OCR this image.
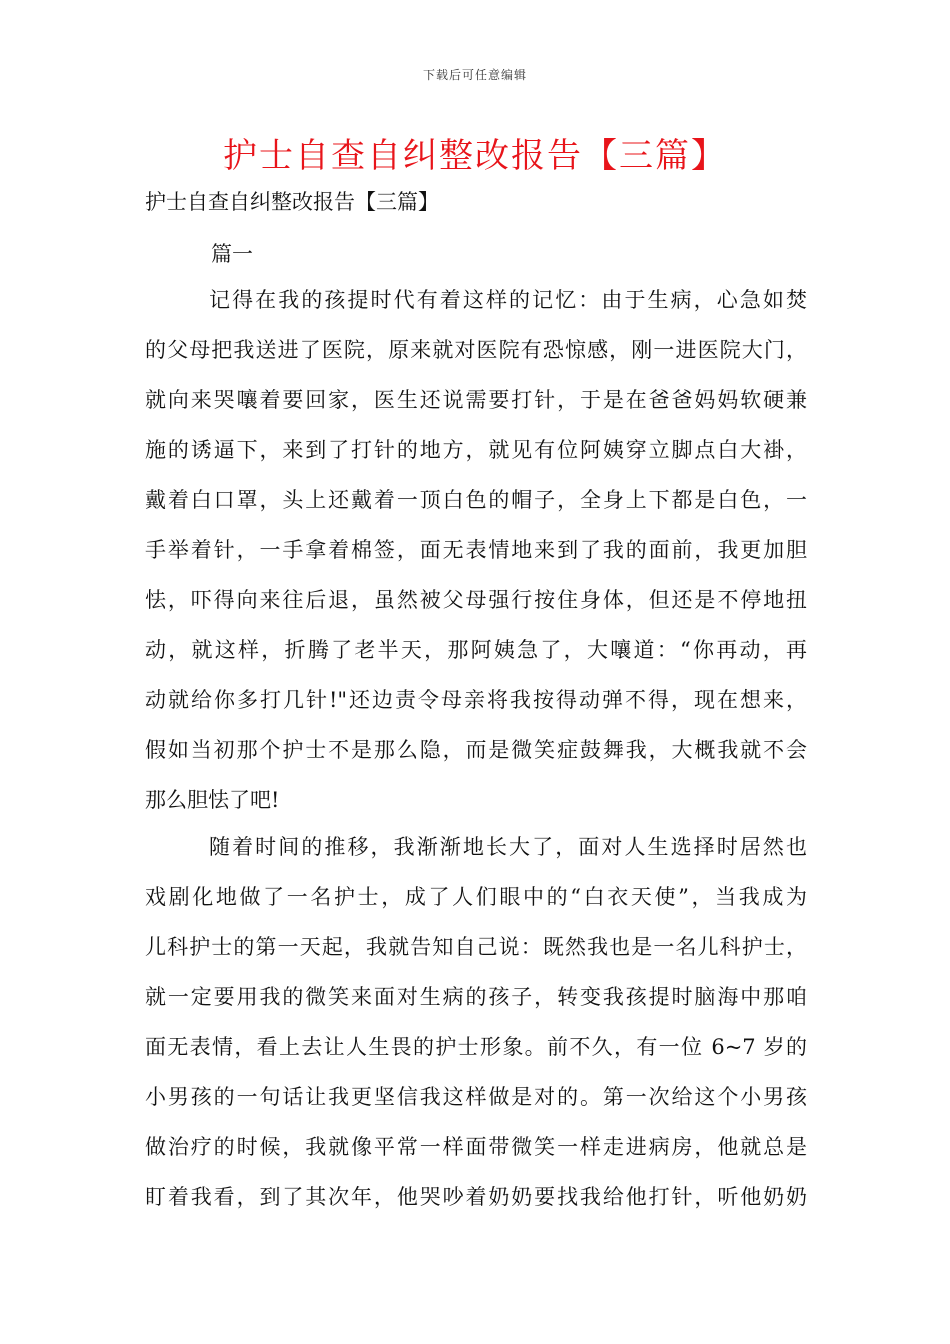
下载后可任意编辑
护士自查自纠整改报告【三篇】
护士自查自纠整改报告【三篇】
篇一
记得在我的孩提时代有着这样的记忆：由于生病，心急如焚
的父母把我送进了医院，原来就对医院有恐惊感，刚一进医院大门，
就向来哭嚷着要回家，医生还说需要打针，于是在爸爸妈妈软硬兼
施的诱逼下，来到了打针的地方，就见有位阿姨穿立脚点白大褂，
戴着白口罩，头上还戴着一顶白色的帽子，全身上下都是白色，一
手举着针，一手拿着棉签，面无表情地来到了我的面前，我更加胆
怯，吓得向来往后退，虽然被父母强行按住身体，但还是不停地扭
动，就这样，折腾了老半天，那阿姨急了，大嚷道：“你再动，再
动就给你多打几针!"还边责令母亲将我按得动弹不得，现在想来，
假如当初那个护士不是那么隐，而是微笑症鼓舞我，大概我就不会
那么胆怯了吧!
随着时间的推移，我渐渐地长大了，面对人生选择时居然也
戏剧化地做了一名护士，成了人们眼中的“白衣天使”，当我成为
儿科护士的第一天起，我就告知自己说：既然我也是一名儿科护士，
就一定要用我的微笑来面对生病的孩子，转变我孩提时脑海中那咱
面无表情，看上去让人生畏的护士形象。前不久，有一位 6~7 岁的
小男孩的一句话让我更坚信我这样做是对的。第一次给这个小男孩
做治疗的时候，我就像平常一样面带微笑一样走进病房，他就总是
盯着我看，到了其次年，他哭吵着奶奶要找我给他打针，听他奶奶
